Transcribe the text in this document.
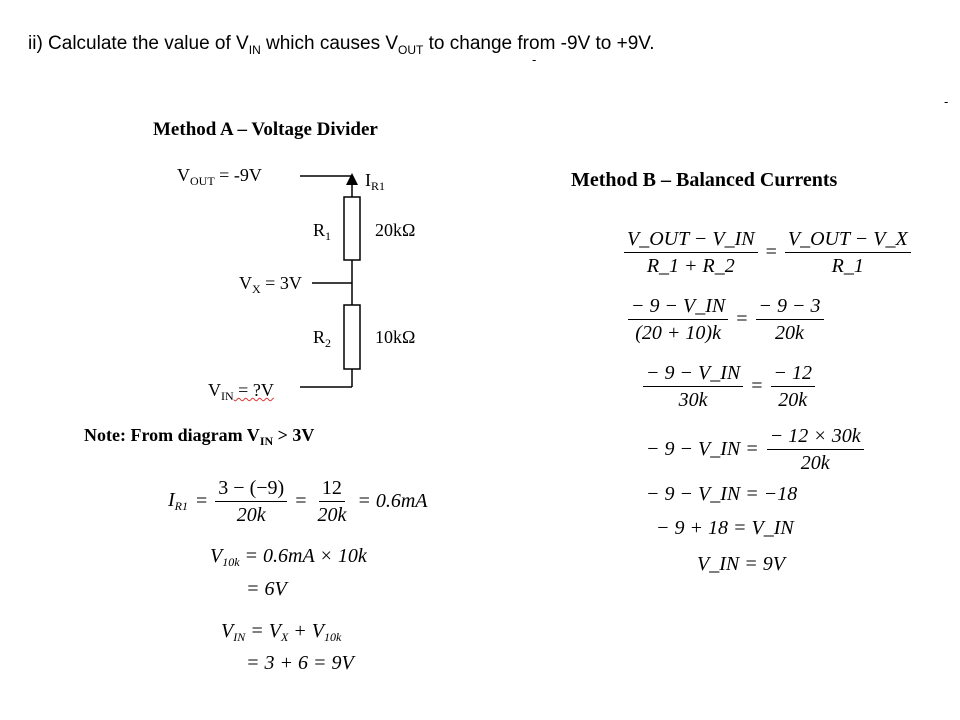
ii) Calculate the value of $V_{IN}$ which causes $V_{OUT}$ to change from -9V to +9V.
-
-
Method A – Voltage Divider
$V_{OUT} = -9V$	$I_{R1}$
$R_1$ 20kΩ
$V_X = 3V$
$R_2$ 10kΩ
$V_{IN}$ = ?V
Note: From diagram $V_{IN} > 3V$
$I_{R1} = \frac{3 - (-9)}{20k} = \frac{12}{20k} = 0.6mA$
$V_{10k} = 0.6mA \times 10k$
= 6V
$V_{IN} = V_X + V_{10k}$
= 3 + 6 = 9V
Method B – Balanced Currents
$\frac{\text{V\_OUT − V\_IN}}{R\_1 + R\_2} = \frac{\text{V\_OUT − V\_X}}{R\_1}$
$\frac{- 9 - V\_IN}{(20 + 10)k} = \frac{- 9 - 3}{20k}$
$\frac{- 9 - V\_IN}{30k} = \frac{- 12}{20k}$
− 9 − V_IN = $\frac{- 12 \times 30k}{20k}$
− 9 − V_IN = −18
− 9 + 18 = V_IN
V_IN = 9V
